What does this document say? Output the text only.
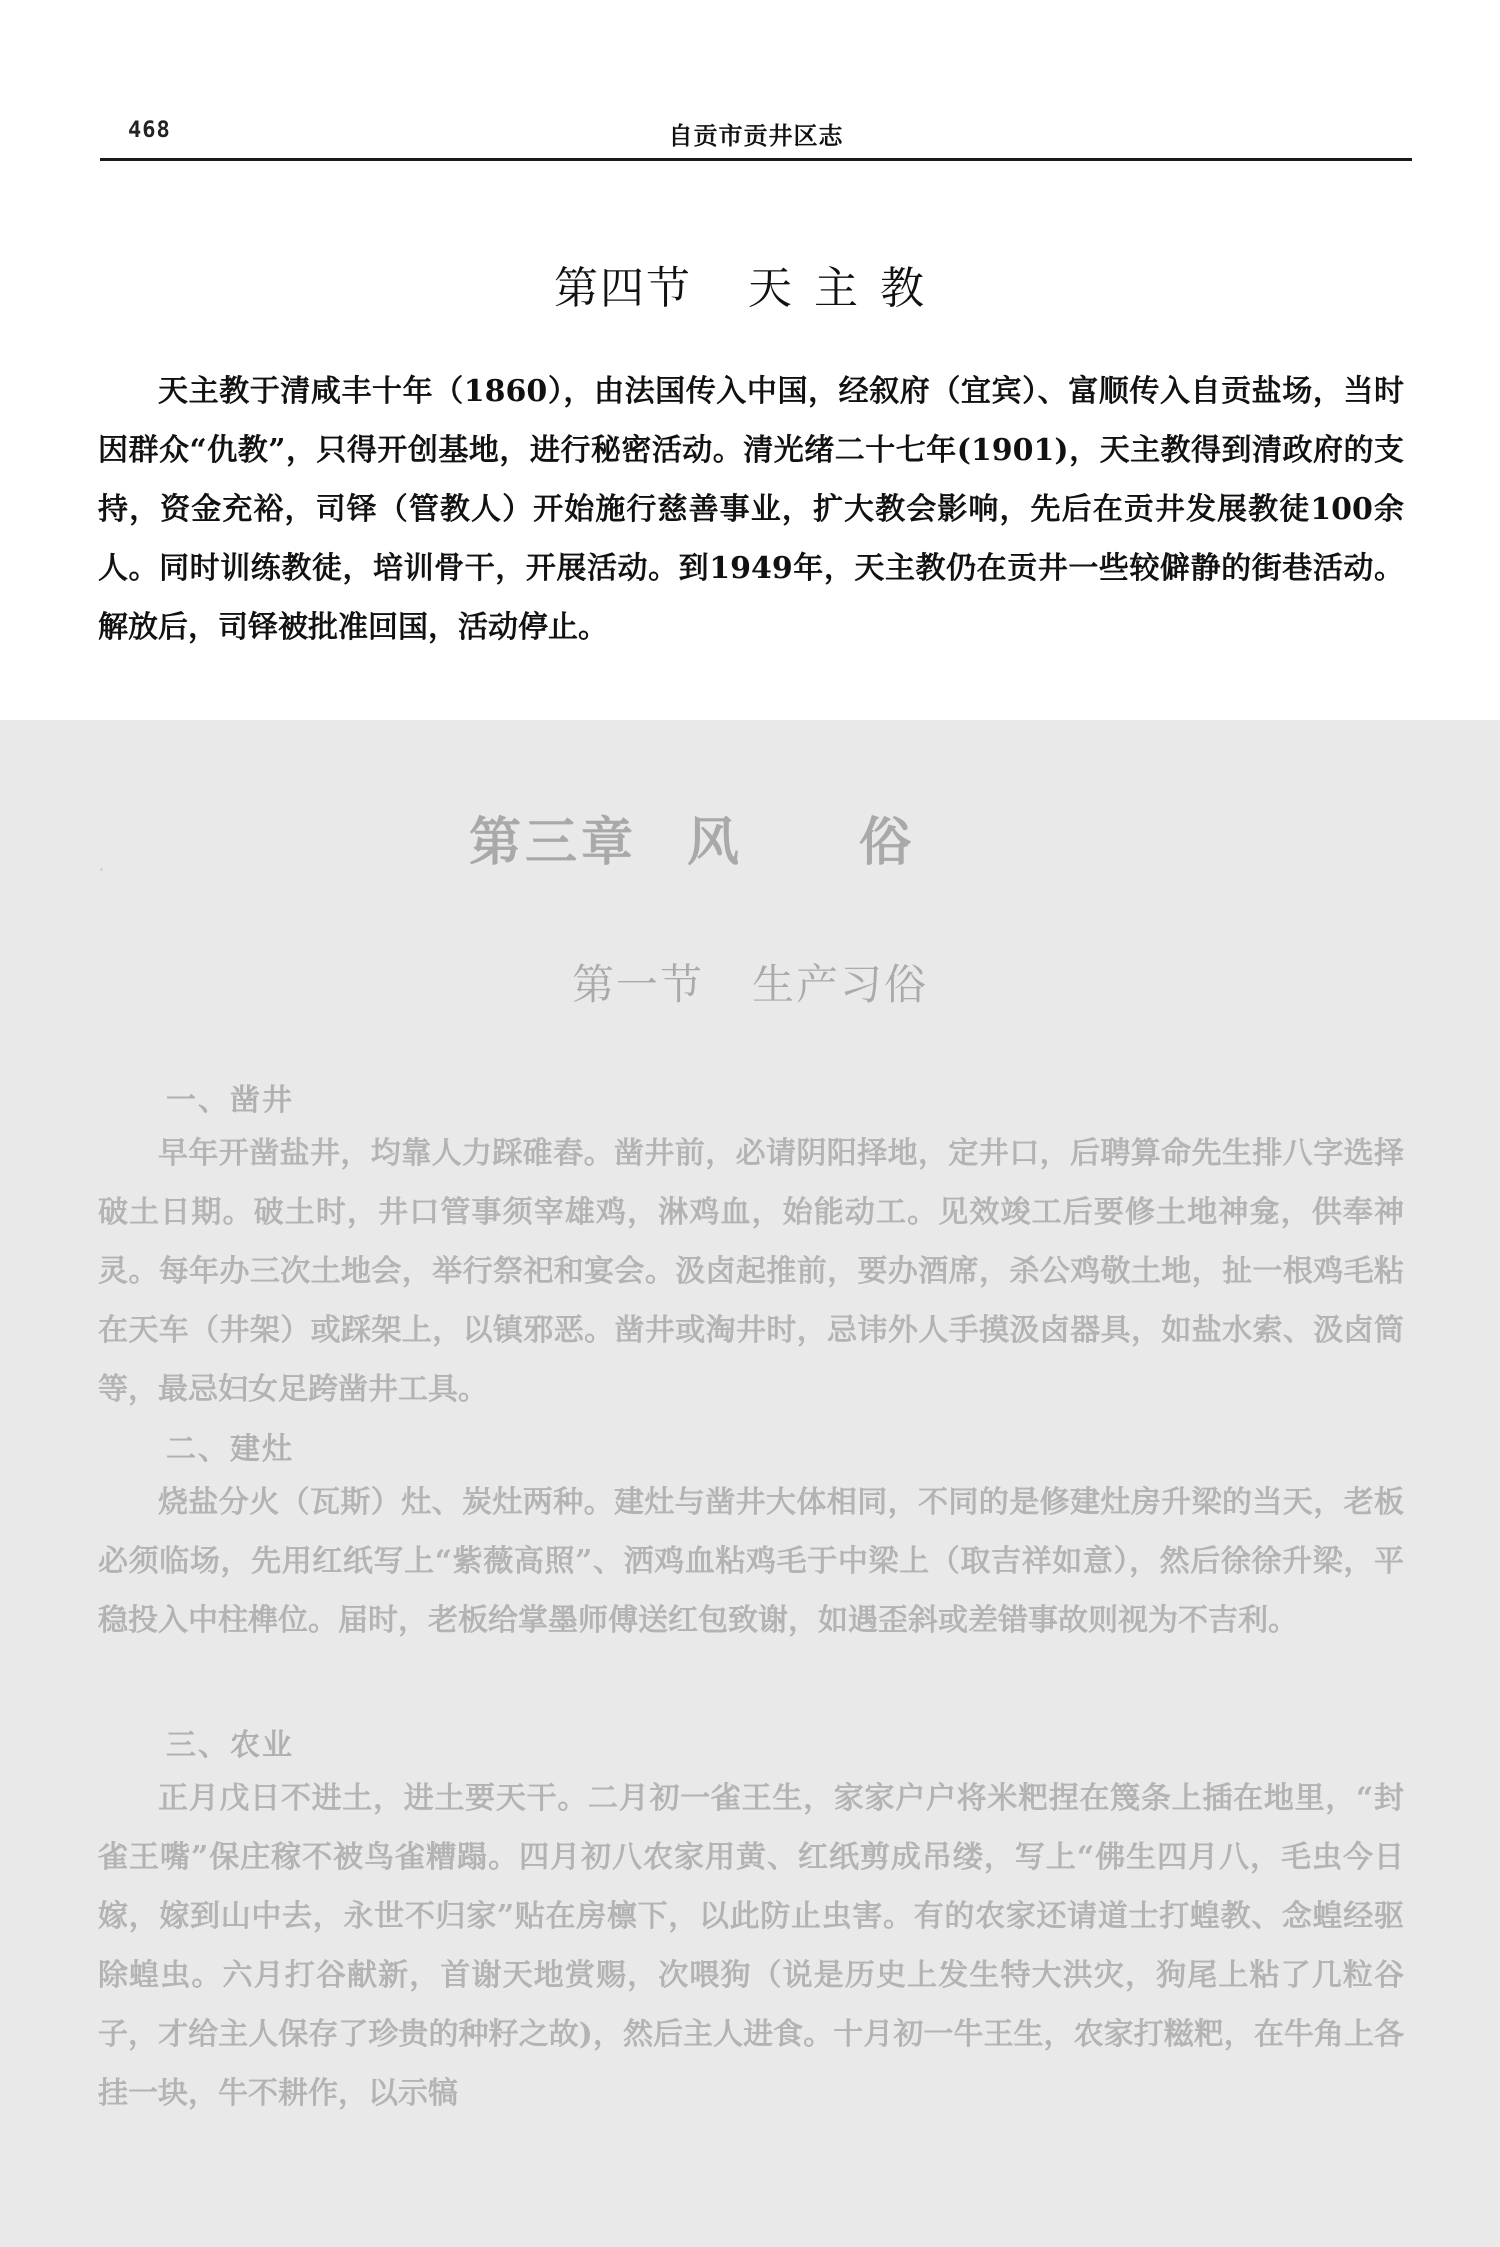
468	自贡市贡井区志
第四节 天主教

天主教于清咸丰十年（1860），由法国传入中国，经叙府（宜宾）、富顺传入自贡盐场，当时因群众“仇教”，只得开创基地，进行秘密活动。清光绪二十七年(1901)，天主教得到清政府的支持，资金充裕，司铎（管教人）开始施行慈善事业，扩大教会影响，先后在贡井发展教徒100余人。同时训练教徒，培训骨干，开展活动。到1949年，天主教仍在贡井一些较僻静的街巷活动。解放后，司铎被批准回国，活动停止。

第三章 风俗
第一节 生产习俗
一、凿井

早年开凿盐井，均靠人力踩碓舂。凿井前，必请阴阳择地，定井口，后聘算命先生排八字选择破土日期。破土时，井口管事须宰雄鸡，淋鸡血，始能动工。见效竣工后要修土地神龛，供奉神灵。每年办三次土地会，举行祭祀和宴会。汲卤起推前，要办酒席，杀公鸡敬土地，扯一根鸡毛粘在天车（井架）或踩架上，以镇邪恶。凿井或淘井时，忌讳外人手摸汲卤器具，如盐水索、汲卤筒等，最忌妇女足跨凿井工具。

二、建灶

烧盐分火（瓦斯）灶、炭灶两种。建灶与凿井大体相同，不同的是修建灶房升梁的当天，老板必须临场，先用红纸写上“紫薇高照”、洒鸡血粘鸡毛于中梁上（取吉祥如意），然后徐徐升梁，平稳投入中柱榫位。届时，老板给掌墨师傅送红包致谢，如遇歪斜或差错事故则视为不吉利。

三、农业

正月戊日不进土，进土要天干。二月初一雀王生，家家户户将米粑捏在篾条上插在地里，“封雀王嘴”保庄稼不被鸟雀糟蹋。四月初八农家用黄、红纸剪成吊缕，写上“佛生四月八，毛虫今日嫁，嫁到山中去，永世不归家”贴在房檩下，以此防止虫害。有的农家还请道士打蝗教、念蝗经驱除蝗虫。六月打谷献新，首谢天地赏赐，次喂狗（说是历史上发生特大洪灾，狗尾上粘了几粒谷子，才给主人保存了珍贵的种籽之故)，然后主人进食。十月初一牛王生，农家打糍粑，在牛角上各挂一块，牛不耕作，以示犒
